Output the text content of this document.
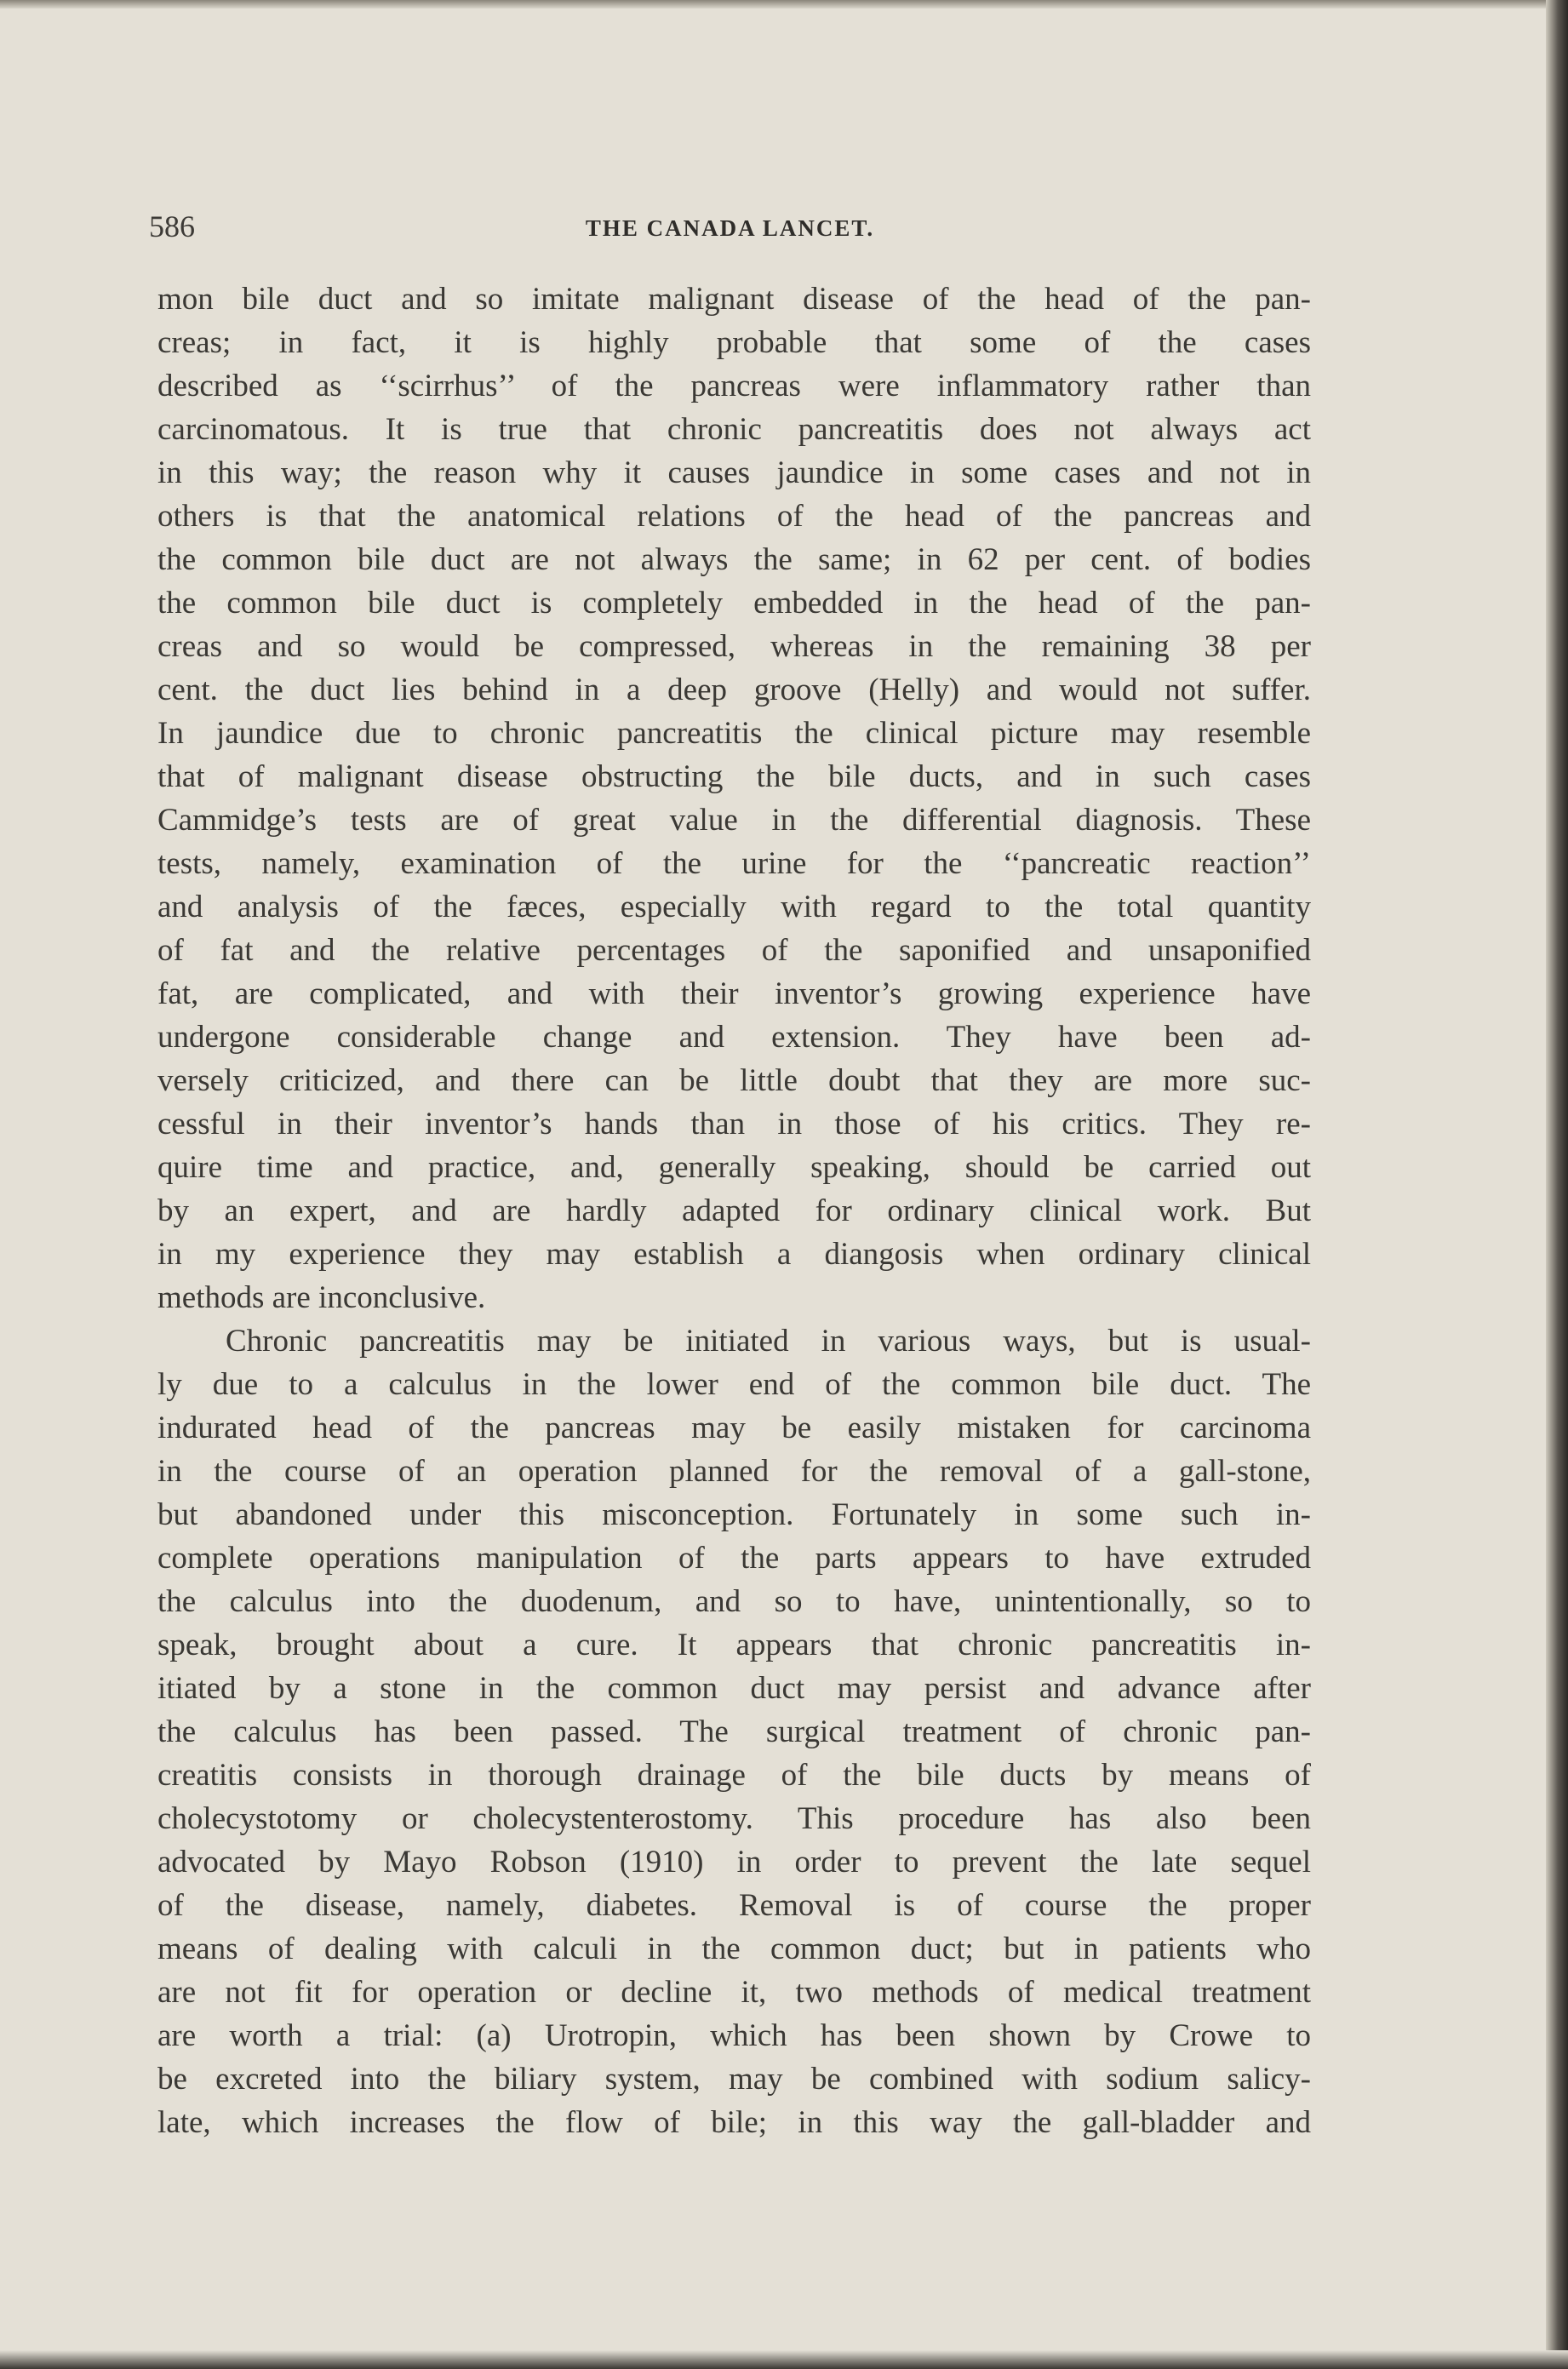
586	THE CANADA LANCET.
mon bile duct and so imitate malignant disease of the head of the pan-
creas; in fact, it is highly probable that some of the cases
described as ‘‘scirrhus’’ of the pancreas were inflammatory rather than
carcinomatous. It is true that chronic pancreatitis does not always act
in this way; the reason why it causes jaundice in some cases and not in
others is that the anatomical relations of the head of the pancreas and
the common bile duct are not always the same; in 62 per cent. of bodies
the common bile duct is completely embedded in the head of the pan-
creas and so would be compressed, whereas in the remaining 38 per
cent. the duct lies behind in a deep groove (Helly) and would not suffer.
In jaundice due to chronic pancreatitis the clinical picture may resemble
that of malignant disease obstructing the bile ducts, and in such cases
Cammidge’s tests are of great value in the differential diagnosis. These
tests, namely, examination of the urine for the ‘‘pancreatic reaction’’
and analysis of the fæces, especially with regard to the total quantity
of fat and the relative percentages of the saponified and unsaponified
fat, are complicated, and with their inventor’s growing experience have
undergone considerable change and extension. They have been ad-
versely criticized, and there can be little doubt that they are more suc-
cessful in their inventor’s hands than in those of his critics. They re-
quire time and practice, and, generally speaking, should be carried out
by an expert, and are hardly adapted for ordinary clinical work. But
in my experience they may establish a diangosis when ordinary clinical
methods are inconclusive.
Chronic pancreatitis may be initiated in various ways, but is usual-
ly due to a calculus in the lower end of the common bile duct. The
indurated head of the pancreas may be easily mistaken for carcinoma
in the course of an operation planned for the removal of a gall-stone,
but abandoned under this misconception. Fortunately in some such in-
complete operations manipulation of the parts appears to have extruded
the calculus into the duodenum, and so to have, unintentionally, so to
speak, brought about a cure. It appears that chronic pancreatitis in-
itiated by a stone in the common duct may persist and advance after
the calculus has been passed. The surgical treatment of chronic pan-
creatitis consists in thorough drainage of the bile ducts by means of
cholecystotomy or cholecystenterostomy. This procedure has also been
advocated by Mayo Robson (1910) in order to prevent the late sequel
of the disease, namely, diabetes. Removal is of course the proper
means of dealing with calculi in the common duct; but in patients who
are not fit for operation or decline it, two methods of medical treatment
are worth a trial: (a) Urotropin, which has been shown by Crowe to
be excreted into the biliary system, may be combined with sodium salicy-
late, which increases the flow of bile; in this way the gall-bladder and
